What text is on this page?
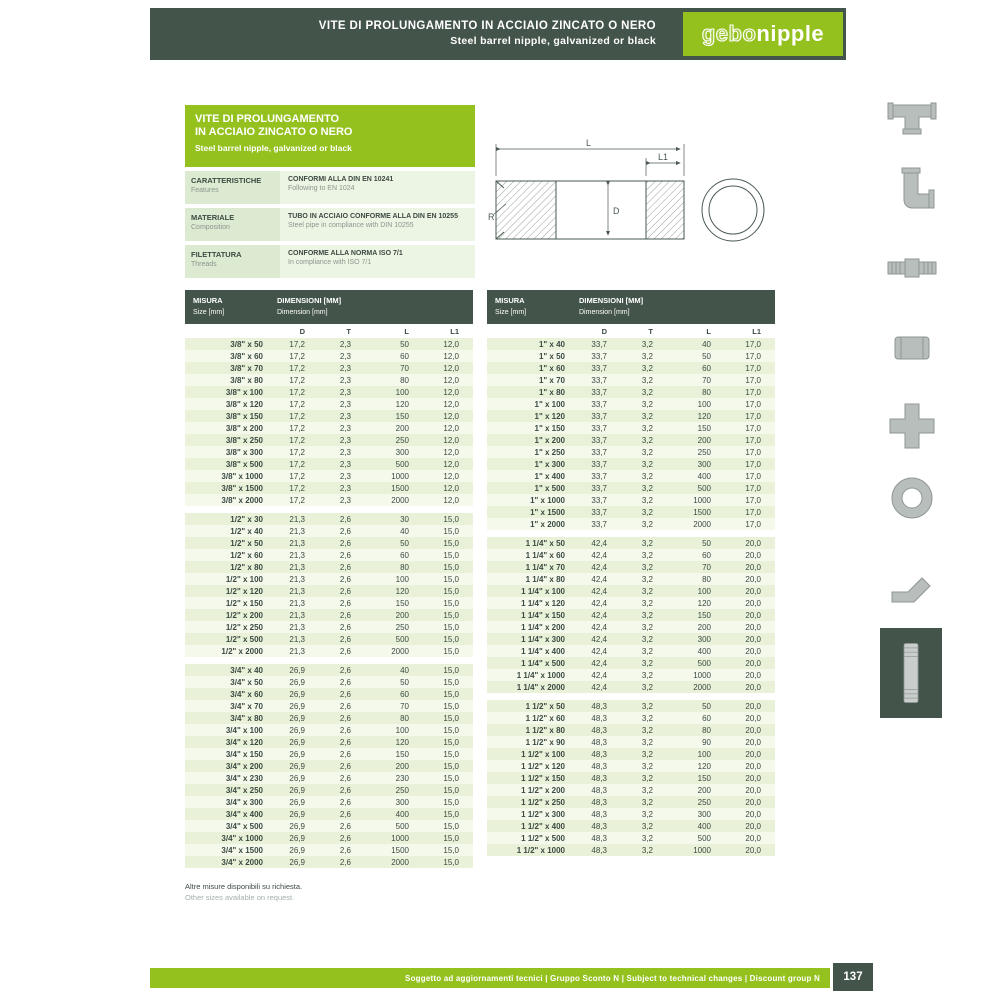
VITE DI PROLUNGAMENTO IN ACCIAIO ZINCATO O NERO
Steel barrel nipple, galvanized or black gebo nipple
VITE DI PROLUNGAMENTO
IN ACCIAIO ZINCATO O NERO
Steel barrel nipple, galvanized or black
CARATTERISTICHE
Features
CONFORMI ALLA DIN EN 10241
Following to EN 1024
MATERIALE
Composition
TUBO IN ACCIAIO CONFORME ALLA DIN EN 10255
Steel pipe in compliance with DIN 10255
FILETTATURA
Threads
CONFORME ALLA NORMA ISO 7/1
In compliance with ISO 7/1
L
L1
D
R
MISURA
Size [mm]
DIMENSIONI [MM]
Dimension [mm]
D	T	L	L1
3/8" x 50	17,2	2,3	50	12,0
3/8" x 60	17,2	2,3	60	12,0
3/8" x 70	17,2	2,3	70	12,0
3/8" x 80	17,2	2,3	80	12,0
3/8" x 100	17,2	2,3	100	12,0
3/8" x 120	17,2	2,3	120	12,0
3/8" x 150	17,2	2,3	150	12,0
3/8" x 200	17,2	2,3	200	12,0
3/8" x 250	17,2	2,3	250	12,0
3/8" x 300	17,2	2,3	300	12,0
3/8" x 500	17,2	2,3	500	12,0
3/8" x 1000	17,2	2,3	1000	12,0
3/8" x 1500	17,2	2,3	1500	12,0
3/8" x 2000	17,2	2,3	2000	12,0
1/2" x 30	21,3	2,6	30	15,0
1/2" x 40	21,3	2,6	40	15,0
1/2" x 50	21,3	2,6	50	15,0
1/2" x 60	21,3	2,6	60	15,0
1/2" x 80	21,3	2,6	80	15,0
1/2" x 100	21,3	2,6	100	15,0
1/2" x 120	21,3	2,6	120	15,0
1/2" x 150	21,3	2,6	150	15,0
1/2" x 200	21,3	2,6	200	15,0
1/2" x 250	21,3	2,6	250	15,0
1/2" x 500	21,3	2,6	500	15,0
1/2" x 2000	21,3	2,6	2000	15,0
3/4" x 40	26,9	2,6	40	15,0
3/4" x 50	26,9	2,6	50	15,0
3/4" x 60	26,9	2,6	60	15,0
3/4" x 70	26,9	2,6	70	15,0
3/4" x 80	26,9	2,6	80	15,0
3/4" x 100	26,9	2,6	100	15,0
3/4" x 120	26,9	2,6	120	15,0
3/4" x 150	26,9	2,6	150	15,0
3/4" x 200	26,9	2,6	200	15,0
3/4" x 230	26,9	2,6	230	15,0
3/4" x 250	26,9	2,6	250	15,0
3/4" x 300	26,9	2,6	300	15,0
3/4" x 400	26,9	2,6	400	15,0
3/4" x 500	26,9	2,6	500	15,0
3/4" x 1000	26,9	2,6	1000	15,0
3/4" x 1500	26,9	2,6	1500	15,0
3/4" x 2000	26,9	2,6	2000	15,0
MISURA
Size [mm]
DIMENSIONI [MM]
Dimension [mm]
D	T	L	L1
1" x 40	33,7	3,2	40	17,0
1" x 50	33,7	3,2	50	17,0
1" x 60	33,7	3,2	60	17,0
1" x 70	33,7	3,2	70	17,0
1" x 80	33,7	3,2	80	17,0
1" x 100	33,7	3,2	100	17,0
1" x 120	33,7	3,2	120	17,0
1" x 150	33,7	3,2	150	17,0
1" x 200	33,7	3,2	200	17,0
1" x 250	33,7	3,2	250	17,0
1" x 300	33,7	3,2	300	17,0
1" x 400	33,7	3,2	400	17,0
1" x 500	33,7	3,2	500	17,0
1" x 1000	33,7	3,2	1000	17,0
1" x 1500	33,7	3,2	1500	17,0
1" x 2000	33,7	3,2	2000	17,0
1 1/4" x 50	42,4	3,2	50	20,0
1 1/4" x 60	42,4	3,2	60	20,0
1 1/4" x 70	42,4	3,2	70	20,0
1 1/4" x 80	42,4	3,2	80	20,0
1 1/4" x 100	42,4	3,2	100	20,0
1 1/4" x 120	42,4	3,2	120	20,0
1 1/4" x 150	42,4	3,2	150	20,0
1 1/4" x 200	42,4	3,2	200	20,0
1 1/4" x 300	42,4	3,2	300	20,0
1 1/4" x 400	42,4	3,2	400	20,0
1 1/4" x 500	42,4	3,2	500	20,0
1 1/4" x 1000	42,4	3,2	1000	20,0
1 1/4" x 2000	42,4	3,2	2000	20,0
1 1/2" x 50	48,3	3,2	50	20,0
1 1/2" x 60	48,3	3,2	60	20,0
1 1/2" x 80	48,3	3,2	80	20,0
1 1/2" x 90	48,3	3,2	90	20,0
1 1/2" x 100	48,3	3,2	100	20,0
1 1/2" x 120	48,3	3,2	120	20,0
1 1/2" x 150	48,3	3,2	150	20,0
1 1/2" x 200	48,3	3,2	200	20,0
1 1/2" x 250	48,3	3,2	250	20,0
1 1/2" x 300	48,3	3,2	300	20,0
1 1/2" x 400	48,3	3,2	400	20,0
1 1/2" x 500	48,3	3,2	500	20,0
1 1/2" x 1000	48,3	3,2	1000	20,0
Altre misure disponibili su richiesta.
Other sizes available on request.
Soggetto ad aggiornamenti tecnici | Gruppo Sconto N | Subject to technical changes | Discount group N	137
